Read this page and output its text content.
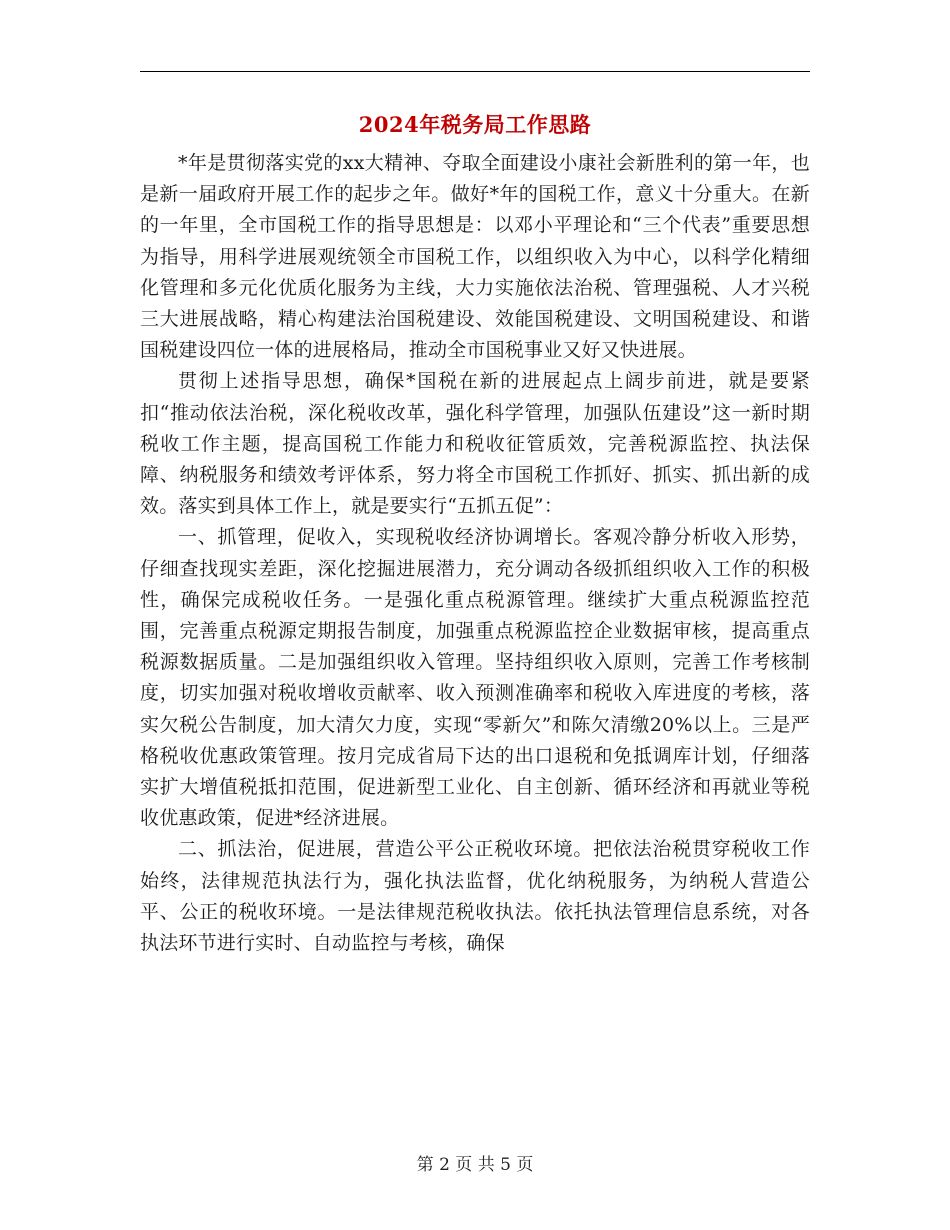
2024年税务局工作思路

*年是贯彻落实党的xx大精神、夺取全面建设小康社会新胜利的第一年，也是新一届政府开展工作的起步之年。做好*年的国税工作，意义十分重大。在新的一年里，全市国税工作的指导思想是：以邓小平理论和“三个代表”重要思想为指导，用科学进展观统领全市国税工作，以组织收入为中心，以科学化精细化管理和多元化优质化服务为主线，大力实施依法治税、管理强税、人才兴税三大进展战略，精心构建法治国税建设、效能国税建设、文明国税建设、和谐国税建设四位一体的进展格局，推动全市国税事业又好又快进展。

贯彻上述指导思想，确保*国税在新的进展起点上阔步前进，就是要紧扣“推动依法治税，深化税收改革，强化科学管理，加强队伍建设”这一新时期税收工作主题，提高国税工作能力和税收征管质效，完善税源监控、执法保障、纳税服务和绩效考评体系，努力将全市国税工作抓好、抓实、抓出新的成效。落实到具体工作上，就是要实行“五抓五促”：

一、抓管理，促收入，实现税收经济协调增长。客观冷静分析收入形势，仔细查找现实差距，深化挖掘进展潜力，充分调动各级抓组织收入工作的积极性，确保完成税收任务。一是强化重点税源管理。继续扩大重点税源监控范围，完善重点税源定期报告制度，加强重点税源监控企业数据审核，提高重点税源数据质量。二是加强组织收入管理。坚持组织收入原则，完善工作考核制度，切实加强对税收增收贡献率、收入预测准确率和税收入库进度的考核，落实欠税公告制度，加大清欠力度，实现“零新欠”和陈欠清缴20%以上。三是严格税收优惠政策管理。按月完成省局下达的出口退税和免抵调库计划，仔细落实扩大增值税抵扣范围，促进新型工业化、自主创新、循环经济和再就业等税收优惠政策，促进*经济进展。

二、抓法治，促进展，营造公平公正税收环境。把依法治税贯穿税收工作始终，法律规范执法行为，强化执法监督，优化纳税服务，为纳税人营造公平、公正的税收环境。一是法律规范税收执法。依托执法管理信息系统，对各执法环节进行实时、自动监控与考核，确保

第 2 页 共 5 页
